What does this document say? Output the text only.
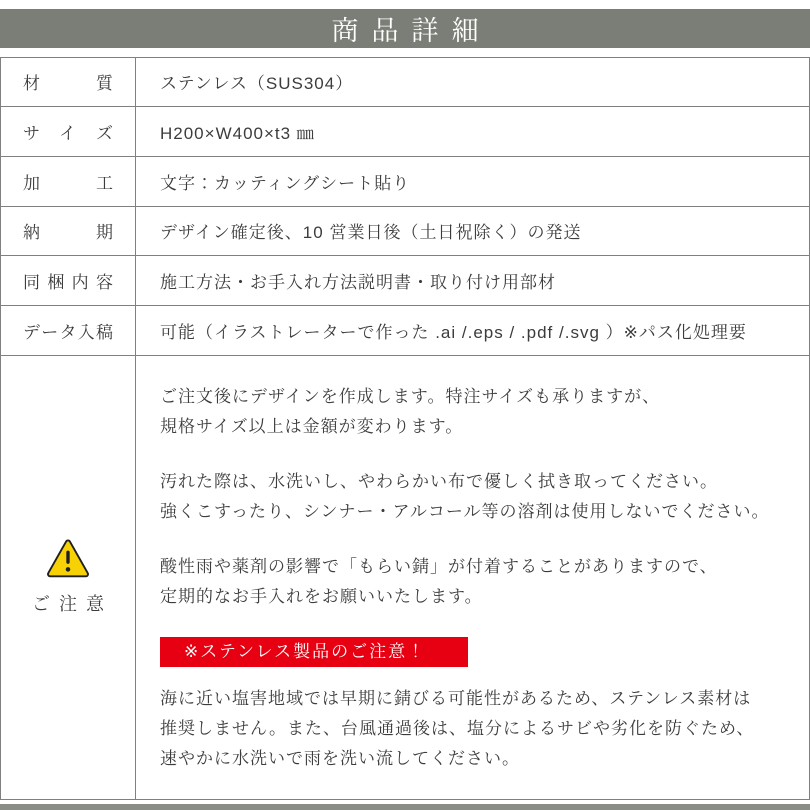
商品詳細
材質	ステンレス（SUS304）
サイズ	H200×W400×t3 ㎜
加工	文字：カッティングシート貼り
納期	デザイン確定後、10 営業日後（土日祝除く）の発送
同梱内容	施工方法・お手入れ方法説明書・取り付け用部材
データ入稿	可能（イラストレーターで作った .ai /.eps / .pdf /.svg ）※パス化処理要
ご注意
ご注文後にデザインを作成します。特注サイズも承りますが、
規格サイズ以上は金額が変わります。
汚れた際は、水洗いし、やわらかい布で優しく拭き取ってください。
強くこすったり、シンナー・アルコール等の溶剤は使用しないでください。
酸性雨や薬剤の影響で「もらい錆」が付着することがありますので、
定期的なお手入れをお願いいたします。
※ステンレス製品のご注意！
海に近い塩害地域では早期に錆びる可能性があるため、ステンレス素材は
推奨しません。また、台風通過後は、塩分によるサビや劣化を防ぐため、
速やかに水洗いで雨を洗い流してください。
